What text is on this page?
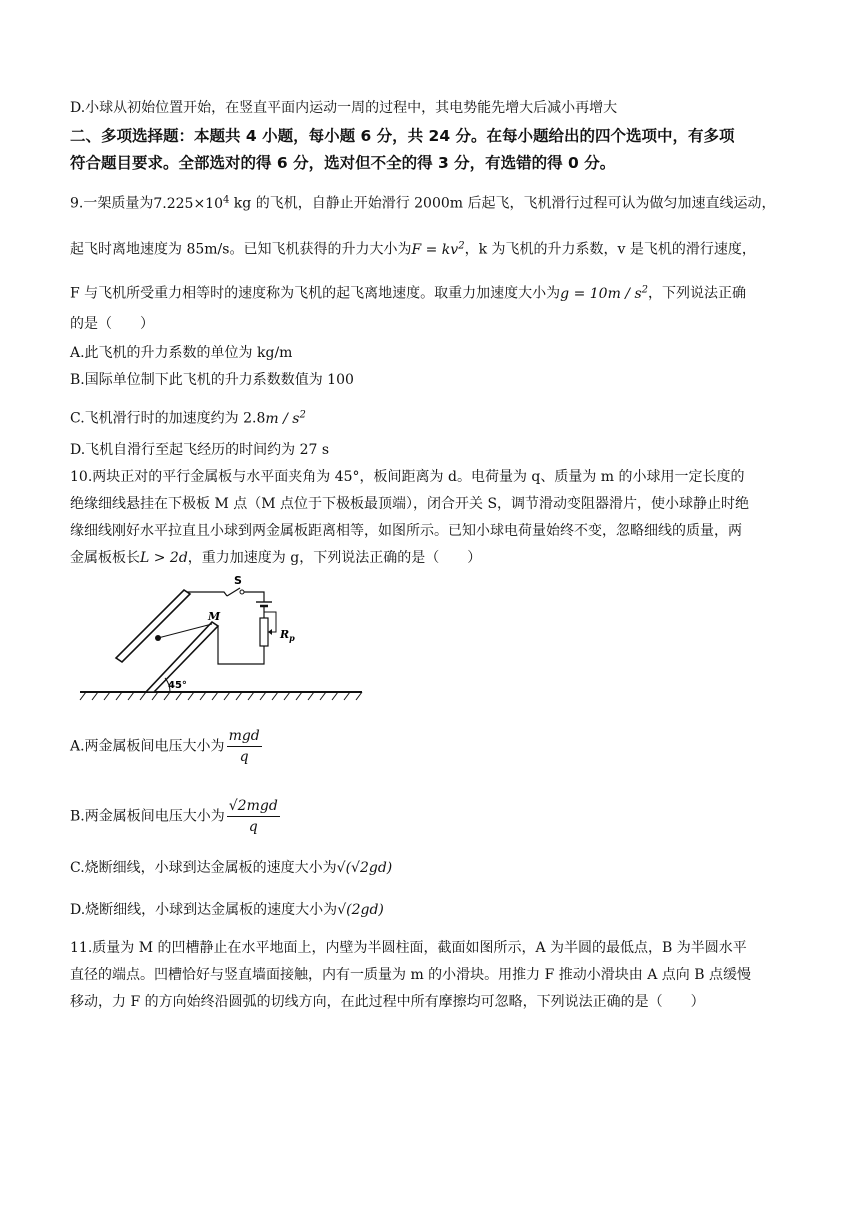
D.小球从初始位置开始，在竖直平面内运动一周的过程中，其电势能先增大后减小再增大
二、多项选择题：本题共 4 小题，每小题 6 分，共 24 分。在每小题给出的四个选项中，有多项
符合题目要求。全部选对的得 6 分，选对但不全的得 3 分，有选错的得 0 分。
9.一架质量为$7.225\times 10^4$ kg 的飞机，自静止开始滑行 2000m 后起飞，飞机滑行过程可认为做匀加速直线运动，
起飞时离地速度为 85m/s。已知飞机获得的升力大小为$F = kv^2$，k 为飞机的升力系数，v 是飞机的滑行速度，
F 与飞机所受重力相等时的速度称为飞机的起飞离地速度。取重力加速度大小为$g = 10m / s^2$，下列说法正确
的是（　　）
A.此飞机的升力系数的单位为 kg/m
B.国际单位制下此飞机的升力系数数值为 100
C.飞机滑行时的加速度约为 $2.8m / s^2$
D.飞机自滑行至起飞经历的时间约为 27 s
10.两块正对的平行金属板与水平面夹角为 45°，板间距离为 d。电荷量为 q、质量为 m 的小球用一定长度的
绝缘细线悬挂在下极板 M 点（M 点位于下极板最顶端），闭合开关 S，调节滑动变阻器滑片，使小球静止时绝
缘细线刚好水平拉直且小球到两金属板距离相等，如图所示。已知小球电荷量始终不变，忽略细线的质量，两
金属板板长L > 2d，重力加速度为 g，下列说法正确的是（　　）
45°
M
S
$R_p$
A.两金属板间电压大小为 $\frac{\text{mgd}}{q}$
B.两金属板间电压大小为 $\frac{\text{√2mgd}}{q}$
C.烧断细线，小球到达金属板的速度大小为√(√2gd)
D.烧断细线，小球到达金属板的速度大小为√(2gd)
11.质量为 M 的凹槽静止在水平地面上，内壁为半圆柱面，截面如图所示，A 为半圆的最低点，B 为半圆水平
直径的端点。凹槽恰好与竖直墙面接触，内有一质量为 m 的小滑块。用推力 F 推动小滑块由 A 点向 B 点缓慢
移动，力 F 的方向始终沿圆弧的切线方向，在此过程中所有摩擦均可忽略，下列说法正确的是（　　）
